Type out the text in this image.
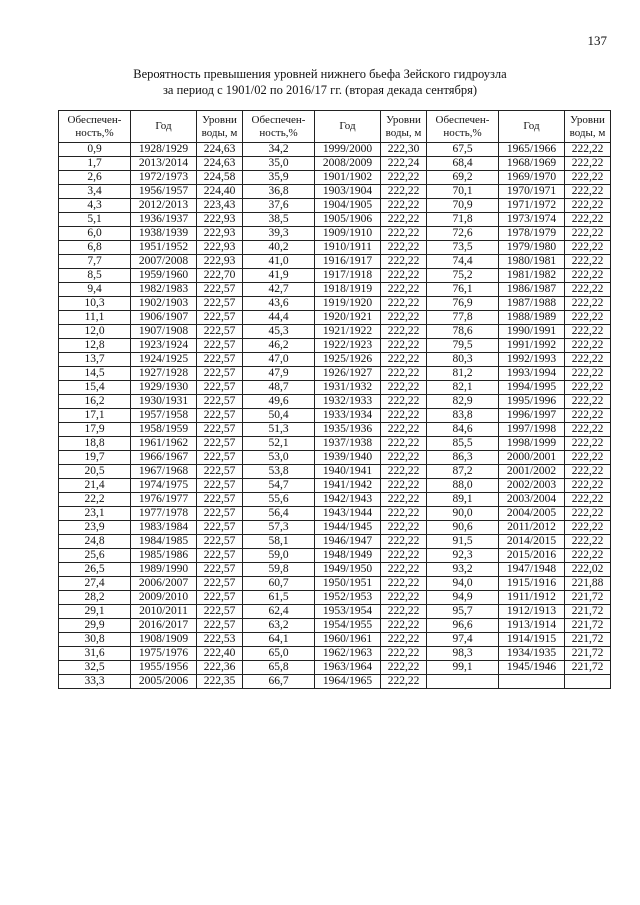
137
Вероятность превышения уровней нижнего бьефа Зейского гидроузла
за период с 1901/02 по 2016/17 гг. (вторая декада сентября)
Обеспечен-ность,%	Год	Уровни воды, м	Обеспечен-ность,%	Год	Уровни воды, м	Обеспечен-ность,%	Год	Уровни воды, м
0,9	1928/1929	224,63	34,2	1999/2000	222,30	67,5	1965/1966	222,22
1,7	2013/2014	224,63	35,0	2008/2009	222,24	68,4	1968/1969	222,22
2,6	1972/1973	224,58	35,9	1901/1902	222,22	69,2	1969/1970	222,22
3,4	1956/1957	224,40	36,8	1903/1904	222,22	70,1	1970/1971	222,22
4,3	2012/2013	223,43	37,6	1904/1905	222,22	70,9	1971/1972	222,22
5,1	1936/1937	222,93	38,5	1905/1906	222,22	71,8	1973/1974	222,22
6,0	1938/1939	222,93	39,3	1909/1910	222,22	72,6	1978/1979	222,22
6,8	1951/1952	222,93	40,2	1910/1911	222,22	73,5	1979/1980	222,22
7,7	2007/2008	222,93	41,0	1916/1917	222,22	74,4	1980/1981	222,22
8,5	1959/1960	222,70	41,9	1917/1918	222,22	75,2	1981/1982	222,22
9,4	1982/1983	222,57	42,7	1918/1919	222,22	76,1	1986/1987	222,22
10,3	1902/1903	222,57	43,6	1919/1920	222,22	76,9	1987/1988	222,22
11,1	1906/1907	222,57	44,4	1920/1921	222,22	77,8	1988/1989	222,22
12,0	1907/1908	222,57	45,3	1921/1922	222,22	78,6	1990/1991	222,22
12,8	1923/1924	222,57	46,2	1922/1923	222,22	79,5	1991/1992	222,22
13,7	1924/1925	222,57	47,0	1925/1926	222,22	80,3	1992/1993	222,22
14,5	1927/1928	222,57	47,9	1926/1927	222,22	81,2	1993/1994	222,22
15,4	1929/1930	222,57	48,7	1931/1932	222,22	82,1	1994/1995	222,22
16,2	1930/1931	222,57	49,6	1932/1933	222,22	82,9	1995/1996	222,22
17,1	1957/1958	222,57	50,4	1933/1934	222,22	83,8	1996/1997	222,22
17,9	1958/1959	222,57	51,3	1935/1936	222,22	84,6	1997/1998	222,22
18,8	1961/1962	222,57	52,1	1937/1938	222,22	85,5	1998/1999	222,22
19,7	1966/1967	222,57	53,0	1939/1940	222,22	86,3	2000/2001	222,22
20,5	1967/1968	222,57	53,8	1940/1941	222,22	87,2	2001/2002	222,22
21,4	1974/1975	222,57	54,7	1941/1942	222,22	88,0	2002/2003	222,22
22,2	1976/1977	222,57	55,6	1942/1943	222,22	89,1	2003/2004	222,22
23,1	1977/1978	222,57	56,4	1943/1944	222,22	90,0	2004/2005	222,22
23,9	1983/1984	222,57	57,3	1944/1945	222,22	90,6	2011/2012	222,22
24,8	1984/1985	222,57	58,1	1946/1947	222,22	91,5	2014/2015	222,22
25,6	1985/1986	222,57	59,0	1948/1949	222,22	92,3	2015/2016	222,22
26,5	1989/1990	222,57	59,8	1949/1950	222,22	93,2	1947/1948	222,02
27,4	2006/2007	222,57	60,7	1950/1951	222,22	94,0	1915/1916	221,88
28,2	2009/2010	222,57	61,5	1952/1953	222,22	94,9	1911/1912	221,72
29,1	2010/2011	222,57	62,4	1953/1954	222,22	95,7	1912/1913	221,72
29,9	2016/2017	222,57	63,2	1954/1955	222,22	96,6	1913/1914	221,72
30,8	1908/1909	222,53	64,1	1960/1961	222,22	97,4	1914/1915	221,72
31,6	1975/1976	222,40	65,0	1962/1963	222,22	98,3	1934/1935	221,72
32,5	1955/1956	222,36	65,8	1963/1964	222,22	99,1	1945/1946	221,72
33,3	2005/2006	222,35	66,7	1964/1965	222,22			
